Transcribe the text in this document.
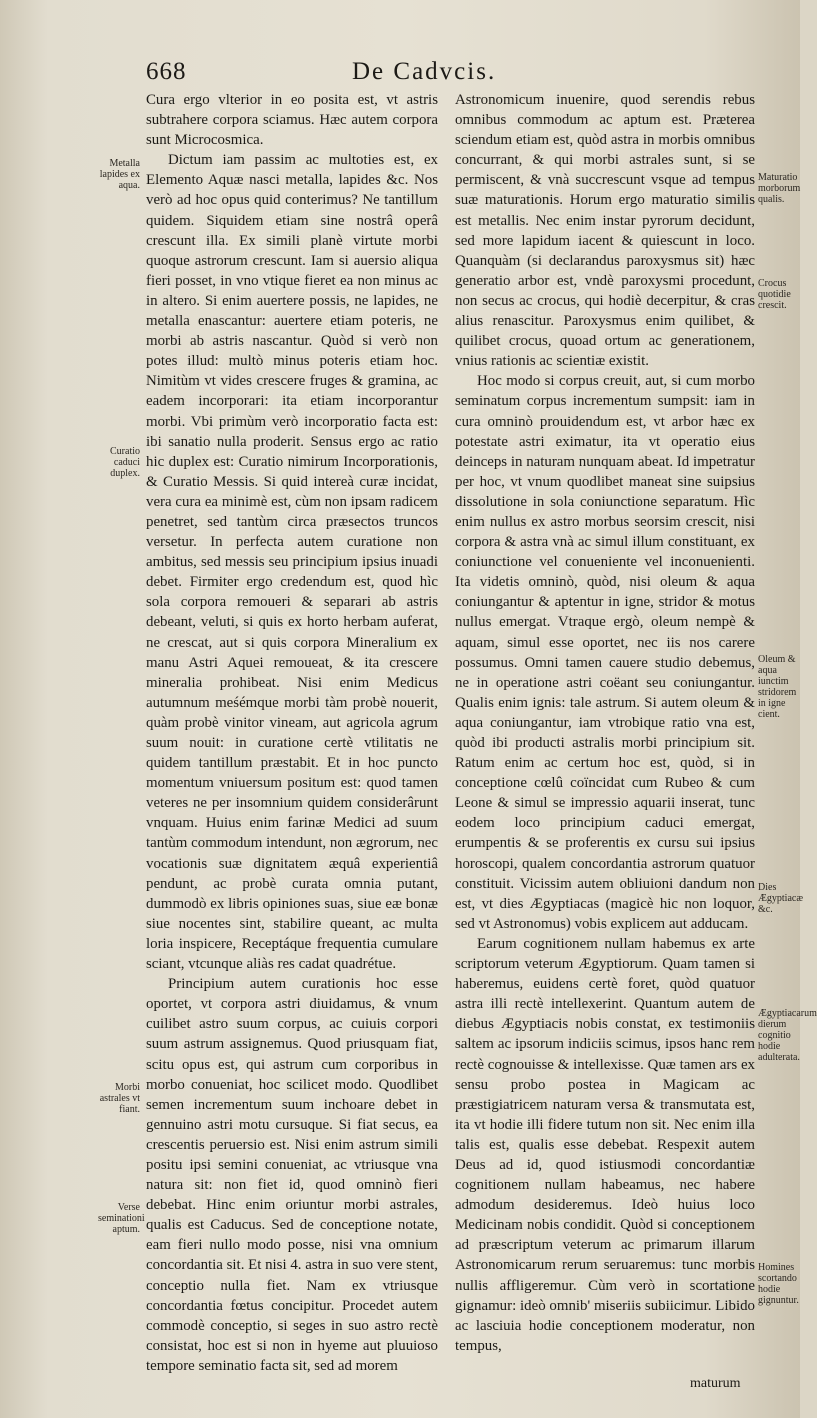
668	De Cadvcis.

Cura ergo vlterior in eo posita est, vt astris subtrahere corpora sciamus. Hæc autem corpora sunt Microcosmica.

Dictum iam passim ac multoties est, ex Elemento Aquæ nasci metalla, lapides &c. Nos verò ad hoc opus quid conterimus? Ne tantillum quidem. Siquidem etiam sine nostrâ operâ crescunt illa. Ex simili planè virtute morbi quoque astrorum crescunt. Iam si auersio aliqua fieri posset, in vno vtique fieret ea non minus ac in altero. Si enim auertere possis, ne lapides, ne metalla enascantur: auertere etiam poteris, ne morbi ab astris nascantur. Quòd si verò non potes illud: multò minus poteris etiam hoc. Nimitùm vt vides crescere fruges & gramina, ac eadem incorporari: ita etiam incorporantur morbi. Vbi primùm verò incorporatio facta est: ibi sanatio nulla proderit. Sensus ergo ac ratio hic duplex est: Curatio nimirum Incorporationis, & Curatio Messis. Si quid intereà curæ incidat, vera cura ea minimè est, cùm non ipsam radicem penetret, sed tantùm circa præsectos truncos versetur. In perfecta autem curatione non ambitus, sed messis seu principium ipsius inuadi debet. Firmiter ergo credendum est, quod hìc sola corpora remoueri & separari ab astris debeant, veluti, si quis ex horto herbam auferat, ne crescat, aut si quis corpora Mineralium ex manu Astri Aquei remoueat, & ita crescere mineralia prohibeat. Nisi enim Medicus autumnum meśémque morbi tàm probè nouerit, quàm probè vinitor vineam, aut agricola agrum suum nouit: in curatione certè vtilitatis ne quidem tantillum præstabit. Et in hoc puncto momentum vniuersum positum est: quod tamen veteres ne per insomnium quidem considerârunt vnquam. Huius enim farinæ Medici ad suum tantùm commodum intendunt, non ægrorum, nec vocationis suæ dignitatem æquâ experientiâ pendunt, ac probè curata omnia putant, dummodò ex libris opiniones suas, siue eæ bonæ siue nocentes sint, stabilire queant, ac multa loria inspicere, Receptáque frequentia cumulare sciant, vtcunque aliàs res cadat quadrétue.

Principium autem curationis hoc esse oportet, vt corpora astri diuidamus, & vnum cuilibet astro suum corpus, ac cuiuis corpori suum astrum assignemus. Quod priusquam fiat, scitu opus est, qui astrum cum corporibus in morbo conueniat, hoc scilicet modo. Quodlibet semen incrementum suum inchoare debet in gennuino astri motu cursuque. Si fiat secus, ea crescentis peruersio est. Nisi enim astrum simili positu ipsi semini conueniat, ac vtriusque vna natura sit: non fiet id, quod omninò fieri debebat. Hinc enim oriuntur morbi astrales, qualis est Caducus. Sed de conceptione notate, eam fieri nullo modo posse, nisi vna omnium concordantia sit. Et nisi 4. astra in suo vere stent, conceptio nulla fiet. Nam ex vtriusque concordantia fœtus concipitur. Procedet autem commodè conceptio, si seges in suo astro rectè consistat, hoc est si non in hyeme aut pluuioso tempore seminatio facta sit, sed ad morem

Astronomicum inuenire, quod serendis rebus omnibus commodum ac aptum est. Præterea sciendum etiam est, quòd astra in morbis omnibus concurrant, & qui morbi astrales sunt, si se permiscent, & vnà succrescunt vsque ad tempus suæ maturationis. Horum ergo maturatio similis est metallis. Nec enim instar pyrorum decidunt, sed more lapidum iacent & quiescunt in loco. Quanquàm (si declarandus paroxysmus sit) hæc generatio arbor est, vndè paroxysmi procedunt, non secus ac crocus, qui hodiè decerpitur, & cras alius renascitur. Paroxysmus enim quilibet, & quilibet crocus, quoad ortum ac generationem, vnius rationis ac scientiæ existit.

Hoc modo si corpus creuit, aut, si cum morbo seminatum corpus incrementum sumpsit: iam in cura omninò prouidendum est, vt arbor hæc ex potestate astri eximatur, ita vt operatio eius deinceps in naturam nunquam abeat. Id impetratur per hoc, vt vnum quodlibet maneat sine suipsius dissolutione in sola coniunctione separatum. Hìc enim nullus ex astro morbus seorsim crescit, nisi corpora & astra vnà ac simul illum constituant, ex coniunctione vel conueniente vel inconuenienti. Ita videtis omninò, quòd, nisi oleum & aqua coniungantur & aptentur in igne, stridor & motus nullus emergat. Vtraque ergò, oleum nempè & aquam, simul esse oportet, nec iis nos carere possumus. Omni tamen cauere studio debemus, ne in operatione astri coëant seu coniungantur. Qualis enim ignis: tale astrum. Si autem oleum & aqua coniungantur, iam vtrobique ratio vna est, quòd ibi producti astralis morbi principium sit. Ratum enim ac certum hoc est, quòd, si in conceptione cœlû coïncidat cum Rubeo & cum Leone & simul se impressio aquarii inserat, tunc eodem loco principium caduci emergat, erumpentis & se proferentis ex cursu sui ipsius horoscopi, qualem concordantia astrorum quatuor constituit. Vicissim autem obliuioni dandum non est, vt dies Ægyptiacas (magicè hic non loquor, sed vt Astronomus) vobis explicem aut adducam.

Earum cognitionem nullam habemus ex arte scriptorum veterum Ægyptiorum. Quam tamen si haberemus, euidens certè foret, quòd quatuor astra illi rectè intellexerint. Quantum autem de diebus Ægyptiacis nobis constat, ex testimoniis saltem ac ipsorum indiciis scimus, ipsos hanc rem rectè cognouisse & intellexisse. Quæ tamen ars ex sensu probo postea in Magicam ac præstigiatricem naturam versa & transmutata est, ita vt hodie illi fidere tutum non sit. Nec enim illa talis est, qualis esse debebat. Respexit autem Deus ad id, quod istiusmodi concordantiæ cognitionem nullam habeamus, nec habere admodum desideremus. Ideò huius loco Medicinam nobis condidit. Quòd si conceptionem ad præscriptum veterum ac primarum illarum Astronomicarum rerum seruaremus: tunc morbis nullis affligeremur. Cùm verò in scortatione gignamur: ideò omnib' miseriis subiicimur. Libido ac lasciuia hodie conceptionem moderatur, non tempus,

Metalla lapides ex aqua.
Curatio caduci duplex.
Morbi astrales vt fiant.
Verse seminationi aptum.
Maturatio morborum qualis.
Crocus quotidie crescit.
Oleum & aqua iunctim stridorem in igne cient.
Dies Ægyptiacæ &c.
Ægyptiacarum dierum cognitio hodie adulterata.
Homines scortando hodie gignuntur.
maturum
